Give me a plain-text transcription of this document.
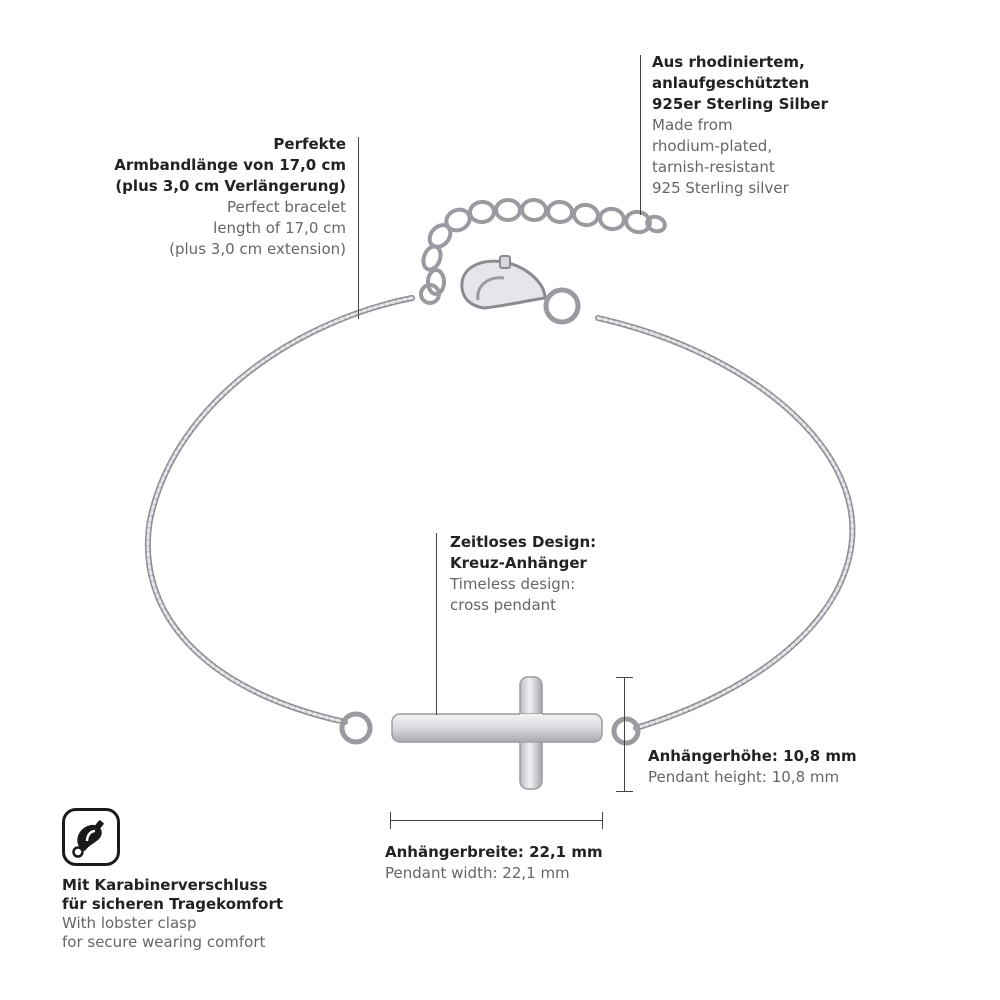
Perfekte
Armbandlänge von 17,0 cm
(plus 3,0 cm Verlängerung)
Perfect bracelet
length of 17,0 cm
(plus 3,0 cm extension)
Aus rhodiniertem,
anlaufgeschützten
925er Sterling Silber
Made from
rhodium-plated,
tarnish-resistant
925 Sterling silver
Zeitloses Design:
Kreuz-Anhänger
Timeless design:
cross pendant
Anhängerhöhe: 10,8 mm
Pendant height: 10,8 mm
Anhängerbreite: 22,1 mm
Pendant width: 22,1 mm
Mit Karabinerverschluss
für sicheren Tragekomfort
With lobster clasp
for secure wearing comfort
